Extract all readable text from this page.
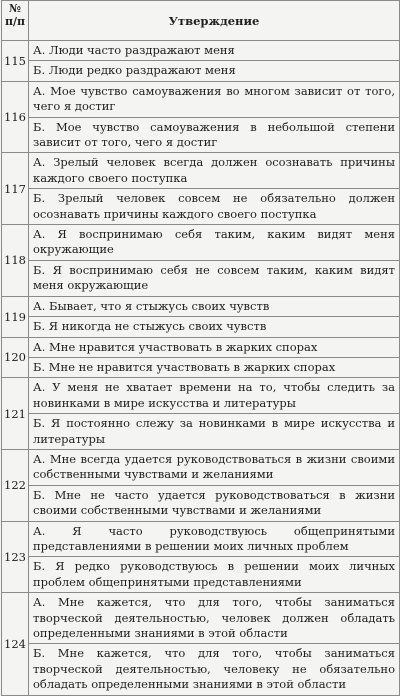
№ п/п	Утверждение
115	А. Люди часто раздражают меня
	Б. Люди редко раздражают меня
116	А. Мое чувство самоуважения во многом зависит от того, чего я достиг
	Б. Мое чувство самоуважения в небольшой степени зависит от того, чего я достиг
117	А. Зрелый человек всегда должен осознавать причины каждого своего поступка
	Б. Зрелый человек совсем не обязательно должен осознавать причины каждого своего поступка
118	А. Я воспринимаю себя таким, каким видят меня окружающие
	Б. Я воспринимаю себя не совсем таким, каким видят меня окружающие
119	А. Бывает, что я стыжусь своих чувств
	Б. Я никогда не стыжусь своих чувств
120	А. Мне нравится участвовать в жарких спорах
	Б. Мне не нравится участвовать в жарких спорах
121	А. У меня не хватает времени на то, чтобы следить за новинками в мире искусства и литературы
	Б. Я постоянно слежу за новинками в мире искусства и литературы
122	А. Мне всегда удается руководствоваться в жизни своими собственными чувствами и желаниями
	Б. Мне не часто удается руководствоваться в жизни своими собственными чувствами и желаниями
123	А. Я часто руководствуюсь общепринятыми представлениями в решении моих личных проблем
	Б. Я редко руководствуюсь в решении моих личных проблем общепринятыми представлениями
124	А. Мне кажется, что для того, чтобы заниматься творческой деятельностью, человек должен обладать определенными знаниями в этой области
	Б. Мне кажется, что для того, чтобы заниматься творческой деятельностью, человеку не обязательно обладать определенными знаниями в этой области
